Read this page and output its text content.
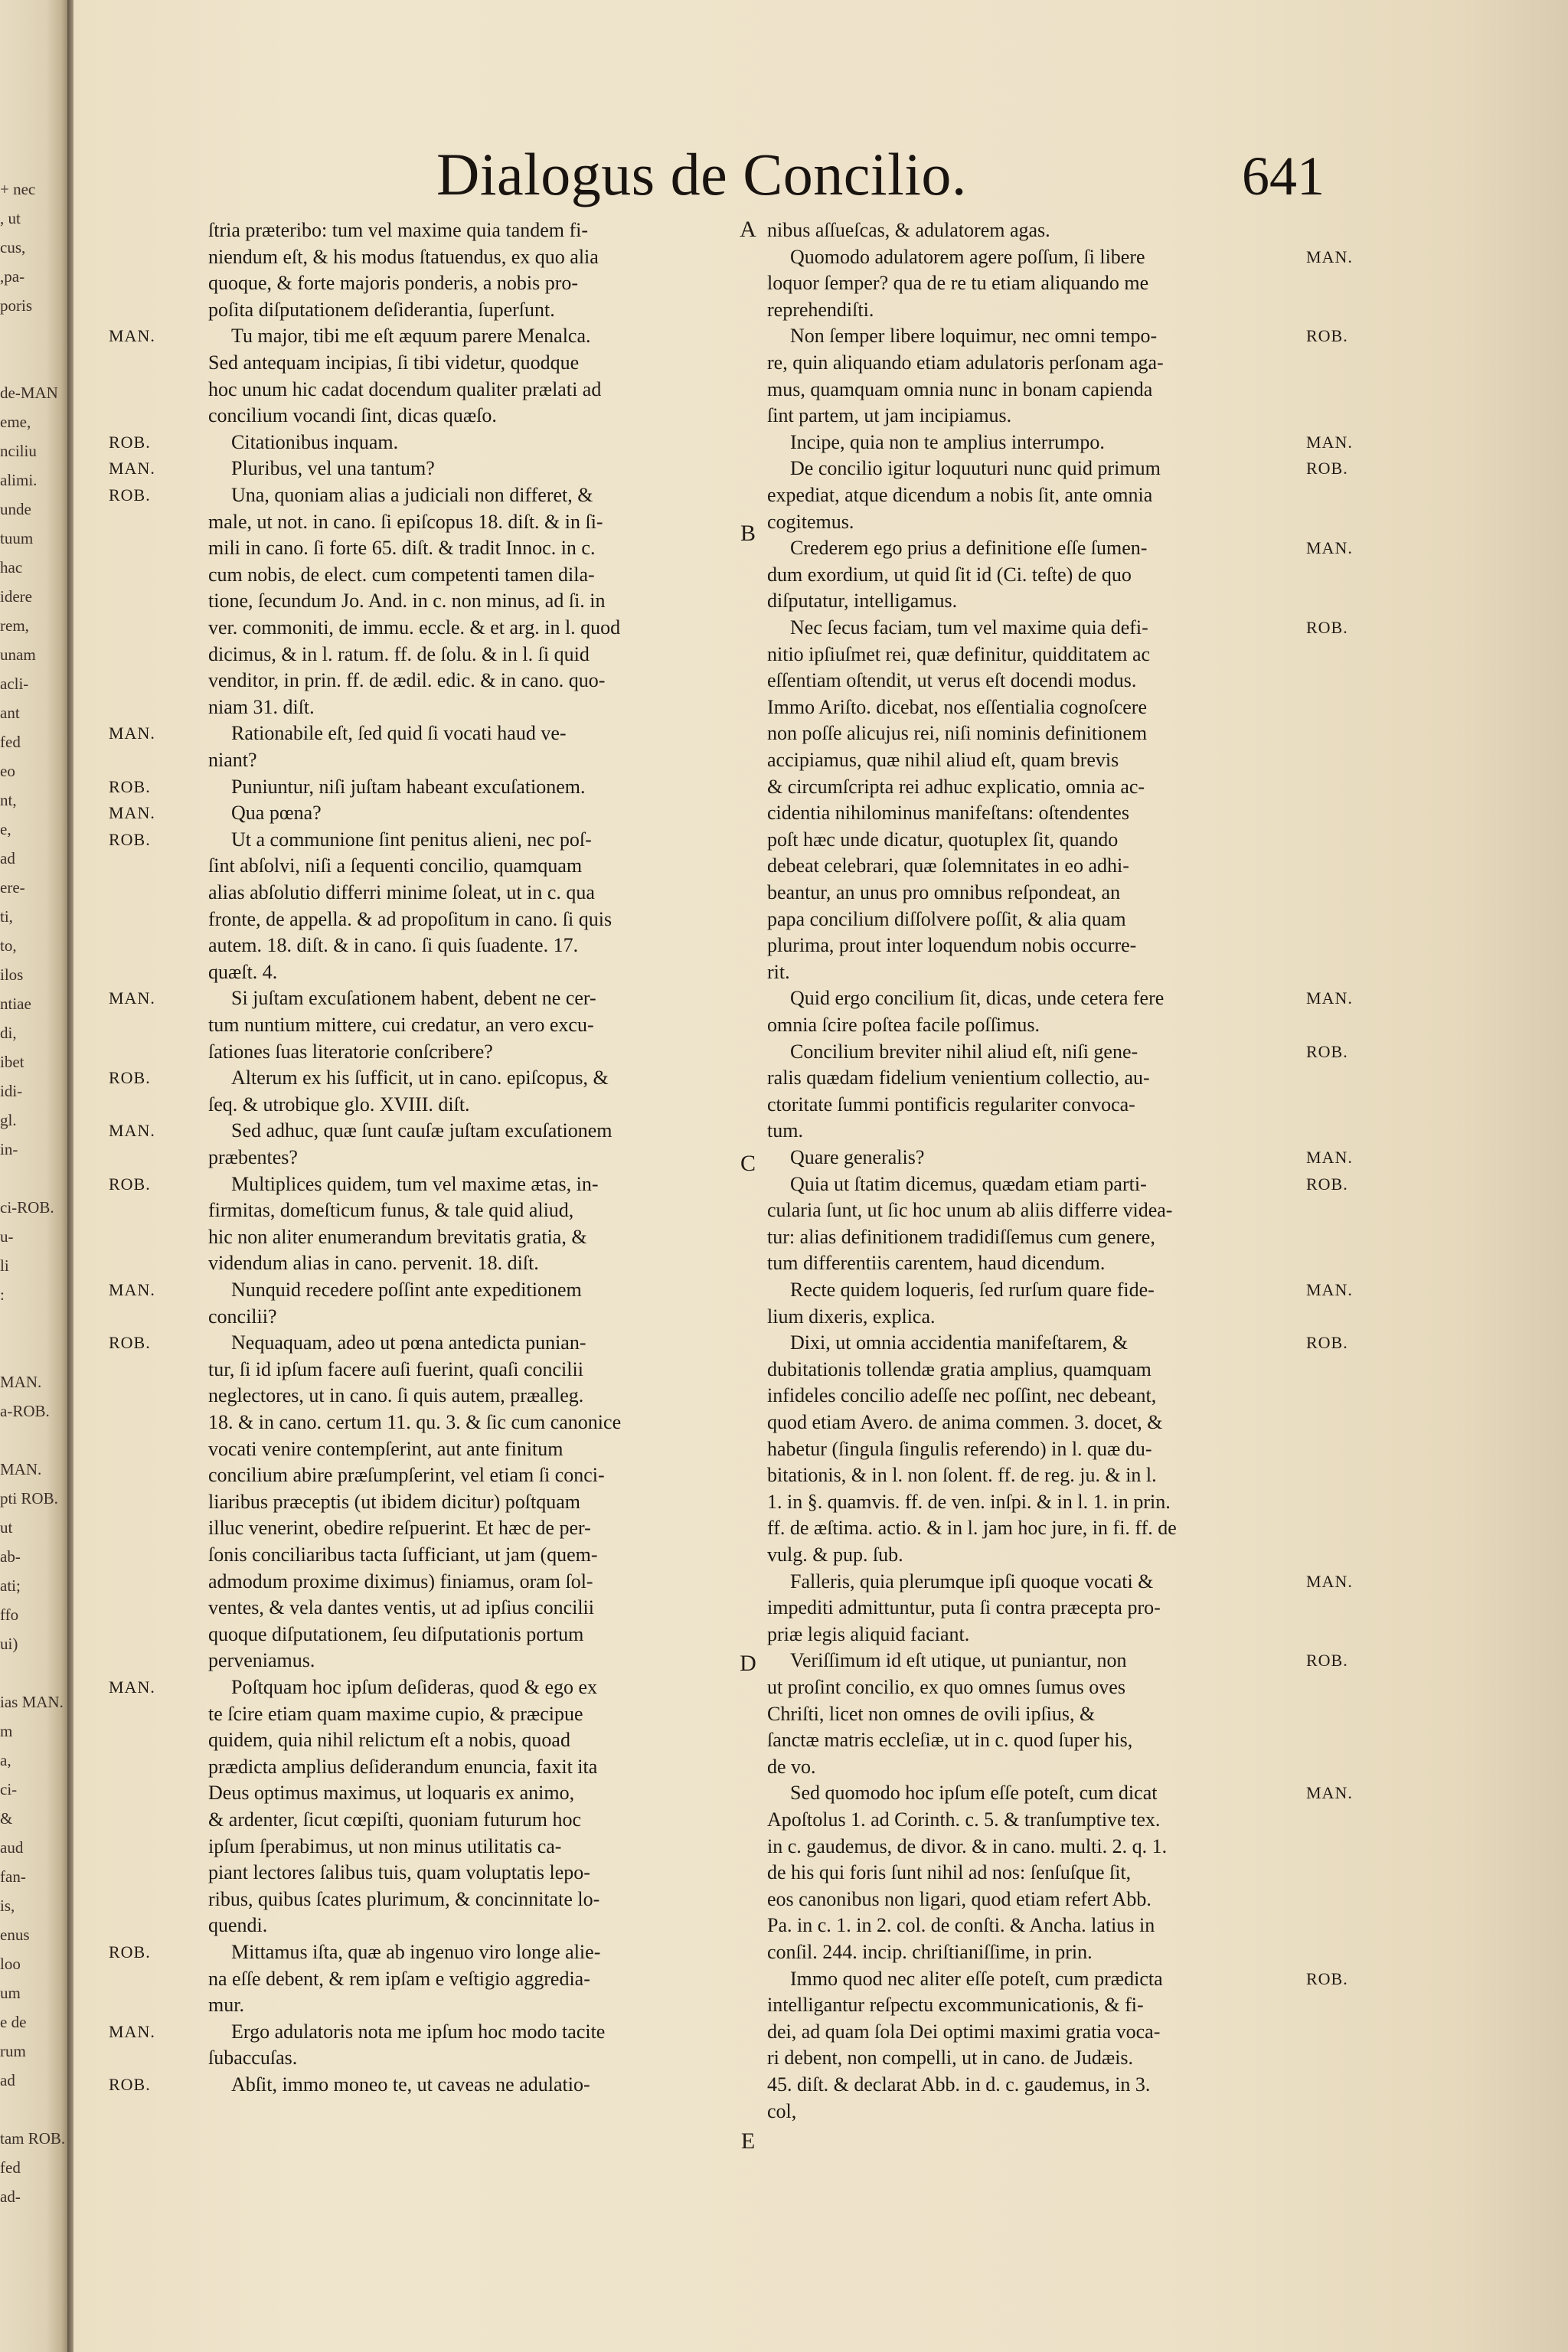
+ nec
, ut
cus,
,pa-
poris
de-MAN
eme,
nciliu
alimi.
unde
tuum
hac
idere
rem,
unam
acli-
ant
fed
eo
nt,
e,
ad
ere-
ti,
to,
ilos
ntiae
di,
ibet
idi-
gl.
in-
ci-ROB.
u-
li
:
MAN.
a-ROB.
MAN.
pti ROB.
ut
ab-
ati;
ffo
ui)
ias MAN.
m
a,
ci-
&
aud
fan-
is,
enus
loo
um
e de
rum
ad
tam ROB.
fed
ad-
Dialogus de Concilio.	641
ſtria præteribo: tum vel maxime quia tandem fi-
niendum eſt, & his modus ſtatuendus, ex quo alia
quoque, & forte majoris ponderis, a nobis pro-
poſita diſputationem deſiderantia, ſuperſunt.
MAN.	Tu major, tibi me eſt æquum parere Menalca.
Sed antequam incipias, ſi tibi videtur, quodque
hoc unum hic cadat docendum qualiter prælati ad
concilium vocandi ſint, dicas quæſo.
ROB.	Citationibus inquam.
MAN.	Pluribus, vel una tantum?
ROB.	Una, quoniam alias a judiciali non differet, &
male, ut not. in cano. ſi epiſcopus 18. diſt. & in ſi-
mili in cano. ſi forte 65. diſt. & tradit Innoc. in c.
cum nobis, de elect. cum competenti tamen dila-
tione, ſecundum Jo. And. in c. non minus, ad ſi. in
ver. commoniti, de immu. eccle. & et arg. in l. quod
dicimus, & in l. ratum. ff. de ſolu. & in l. ſi quid
venditor, in prin. ff. de ædil. edic. & in cano. quo-
niam 31. diſt.
MAN.	Rationabile eſt, ſed quid ſi vocati haud ve-
niant?
ROB.	Puniuntur, niſi juſtam habeant excuſationem.
MAN.	Qua pœna?
ROB.	Ut a communione ſint penitus alieni, nec poſ-
ſint abſolvi, niſi a ſequenti concilio, quamquam
alias abſolutio differri minime ſoleat, ut in c. qua
fronte, de appella. & ad propoſitum in cano. ſi quis
autem. 18. diſt. & in cano. ſi quis ſuadente. 17.
quæſt. 4.
MAN.	Si juſtam excuſationem habent, debent ne cer-
tum nuntium mittere, cui credatur, an vero excu-
ſationes ſuas literatorie conſcribere?
ROB.	Alterum ex his ſufficit, ut in cano. epiſcopus, &
ſeq. & utrobique glo. XVIII. diſt.
MAN.	Sed adhuc, quæ ſunt cauſæ juſtam excuſationem
præbentes?
ROB.	Multiplices quidem, tum vel maxime ætas, in-
firmitas, domeſticum funus, & tale quid aliud,
hic non aliter enumerandum brevitatis gratia, &
videndum alias in cano. pervenit. 18. diſt.
MAN.	Nunquid recedere poſſint ante expeditionem
concilii?
ROB.	Nequaquam, adeo ut pœna antedicta punian-
tur, ſi id ipſum facere auſi fuerint, quaſi concilii
neglectores, ut in cano. ſi quis autem, præalleg.
18. & in cano. certum 11. qu. 3. & ſic cum canonice
vocati venire contempſerint, aut ante finitum
concilium abire præſumpſerint, vel etiam ſi conci-
liaribus præceptis (ut ibidem dicitur) poſtquam
illuc venerint, obedire reſpuerint. Et hæc de per-
ſonis conciliaribus tacta ſufficiant, ut jam (quem-
admodum proxime diximus) finiamus, oram ſol-
ventes, & vela dantes ventis, ut ad ipſius concilii
quoque diſputationem, ſeu diſputationis portum
perveniamus.
MAN.	Poſtquam hoc ipſum deſideras, quod & ego ex
te ſcire etiam quam maxime cupio, & præcipue
quidem, quia nihil relictum eſt a nobis, quoad
prædicta amplius deſiderandum enuncia, faxit ita
Deus optimus maximus, ut loquaris ex animo,
& ardenter, ſicut cœpiſti, quoniam futurum hoc
ipſum ſperabimus, ut non minus utilitatis ca-
piant lectores ſalibus tuis, quam voluptatis lepo-
ribus, quibus ſcates plurimum, & concinnitate lo-
quendi.
ROB.	Mittamus iſta, quæ ab ingenuo viro longe alie-
na eſſe debent, & rem ipſam e veſtigio aggredia-
mur.
MAN.	Ergo adulatoris nota me ipſum hoc modo tacite
ſubaccuſas.
ROB.	Abſit, immo moneo te, ut caveas ne adulatio-
nibus aſſueſcas, & adulatorem agas.
MAN.
Quomodo adulatorem agere poſſum, ſi libere
loquor ſemper? qua de re tu etiam aliquando me
reprehendiſti.
ROB.
Non ſemper libere loquimur, nec omni tempo-
re, quin aliquando etiam adulatoris perſonam aga-
mus, quamquam omnia nunc in bonam capienda
ſint partem, ut jam incipiamus.
MAN.
Incipe, quia non te amplius interrumpo.
ROB.
De concilio igitur loquuturi nunc quid primum
expediat, atque dicendum a nobis ſit, ante omnia
cogitemus.
MAN.
Crederem ego prius a definitione eſſe ſumen-
dum exordium, ut quid ſit id (Ci. teſte) de quo
diſputatur, intelligamus.
ROB.
Nec ſecus faciam, tum vel maxime quia defi-
nitio ipſiuſmet rei, quæ definitur, quidditatem ac
eſſentiam oſtendit, ut verus eſt docendi modus.
Immo Ariſto. dicebat, nos eſſentialia cognoſcere
non poſſe alicujus rei, niſi nominis definitionem
accipiamus, quæ nihil aliud eſt, quam brevis
& circumſcripta rei adhuc explicatio, omnia ac-
cidentia nihilominus manifeſtans: oſtendentes
poſt hæc unde dicatur, quotuplex ſit, quando
debeat celebrari, quæ ſolemnitates in eo adhi-
beantur, an unus pro omnibus reſpondeat, an
papa concilium diſſolvere poſſit, & alia quam
plurima, prout inter loquendum nobis occurre-
rit.
MAN.
Quid ergo concilium ſit, dicas, unde cetera fere
omnia ſcire poſtea facile poſſimus.
ROB.
Concilium breviter nihil aliud eſt, niſi gene-
ralis quædam fidelium venientium collectio, au-
ctoritate ſummi pontificis regulariter convoca-
tum.
MAN.
Quare generalis?
ROB.
Quia ut ſtatim dicemus, quædam etiam parti-
cularia ſunt, ut ſic hoc unum ab aliis differre videa-
tur: alias definitionem tradidiſſemus cum genere,
tum differentiis carentem, haud dicendum.
MAN.
Recte quidem loqueris, ſed rurſum quare fide-
lium dixeris, explica.
ROB.
Dixi, ut omnia accidentia manifeſtarem, &
dubitationis tollendæ gratia amplius, quamquam
infideles concilio adeſſe nec poſſint, nec debeant,
quod etiam Avero. de anima commen. 3. docet, &
habetur (ſingula ſingulis referendo) in l. quæ du-
bitationis, & in l. non ſolent. ff. de reg. ju. & in l.
1. in §. quamvis. ff. de ven. inſpi. & in l. 1. in prin.
ff. de æſtima. actio. & in l. jam hoc jure, in fi. ff. de
vulg. & pup. ſub.
MAN.
Falleris, quia plerumque ipſi quoque vocati &
impediti admittuntur, puta ſi contra præcepta pro-
priæ legis aliquid faciant.
ROB.
Veriſſimum id eſt utique, ut puniantur, non
ut proſint concilio, ex quo omnes ſumus oves
Chriſti, licet non omnes de ovili ipſius, &
ſanctæ matris eccleſiæ, ut in c. quod ſuper his,
de vo.
MAN.
Sed quomodo hoc ipſum eſſe poteſt, cum dicat
Apoſtolus 1. ad Corinth. c. 5. & tranſumptive tex.
in c. gaudemus, de divor. & in cano. multi. 2. q. 1.
de his qui foris ſunt nihil ad nos: ſenſuſque ſit,
eos canonibus non ligari, quod etiam refert Abb.
Pa. in c. 1. in 2. col. de conſti. & Ancha. latius in
conſil. 244. incip. chriſtianiſſime, in prin.
ROB.
Immo quod nec aliter eſſe poteſt, cum prædicta
intelligantur reſpectu excommunicationis, & fi-
dei, ad quam ſola Dei optimi maximi gratia voca-
ri debent, non compelli, ut in cano. de Judæis.
45. diſt. & declarat Abb. in d. c. gaudemus, in 3.
col,
A
B
C
D
E
